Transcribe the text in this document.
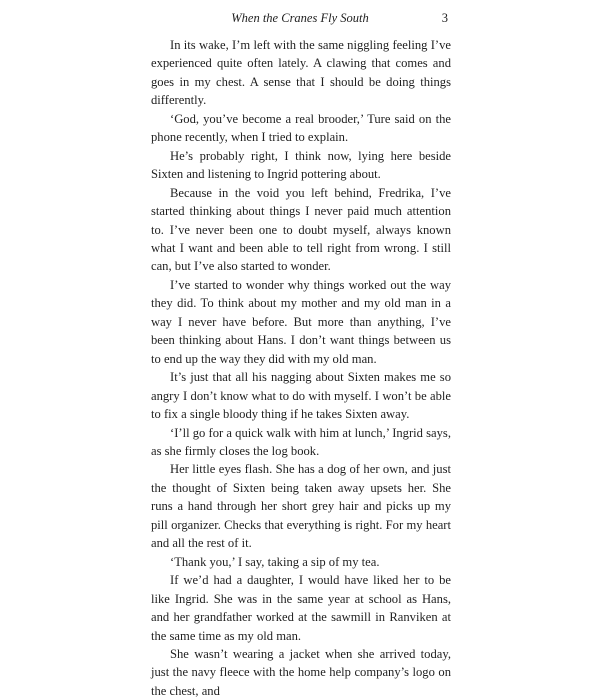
When the Cranes Fly South	3

In its wake, I’m left with the same niggling feeling I’ve experienced quite often lately. A clawing that comes and goes in my chest. A sense that I should be doing things differently.

‘God, you’ve become a real brooder,’ Ture said on the phone recently, when I tried to explain.

He’s probably right, I think now, lying here beside Sixten and listening to Ingrid pottering about.

Because in the void you left behind, Fredrika, I’ve started thinking about things I never paid much attention to. I’ve never been one to doubt myself, always known what I want and been able to tell right from wrong. I still can, but I’ve also started to wonder.

I’ve started to wonder why things worked out the way they did. To think about my mother and my old man in a way I never have before. But more than anything, I’ve been thinking about Hans. I don’t want things between us to end up the way they did with my old man.

It’s just that all his nagging about Sixten makes me so angry I don’t know what to do with myself. I won’t be able to fix a single bloody thing if he takes Sixten away.

‘I’ll go for a quick walk with him at lunch,’ Ingrid says, as she firmly closes the log book.

Her little eyes flash. She has a dog of her own, and just the thought of Sixten being taken away upsets her. She runs a hand through her short grey hair and picks up my pill organizer. Checks that everything is right. For my heart and all the rest of it.

‘Thank you,’ I say, taking a sip of my tea.

If we’d had a daughter, I would have liked her to be like Ingrid. She was in the same year at school as Hans, and her grandfather worked at the sawmill in Ranviken at the same time as my old man.

She wasn’t wearing a jacket when she arrived today, just the navy fleece with the home help company’s logo on the chest, and
